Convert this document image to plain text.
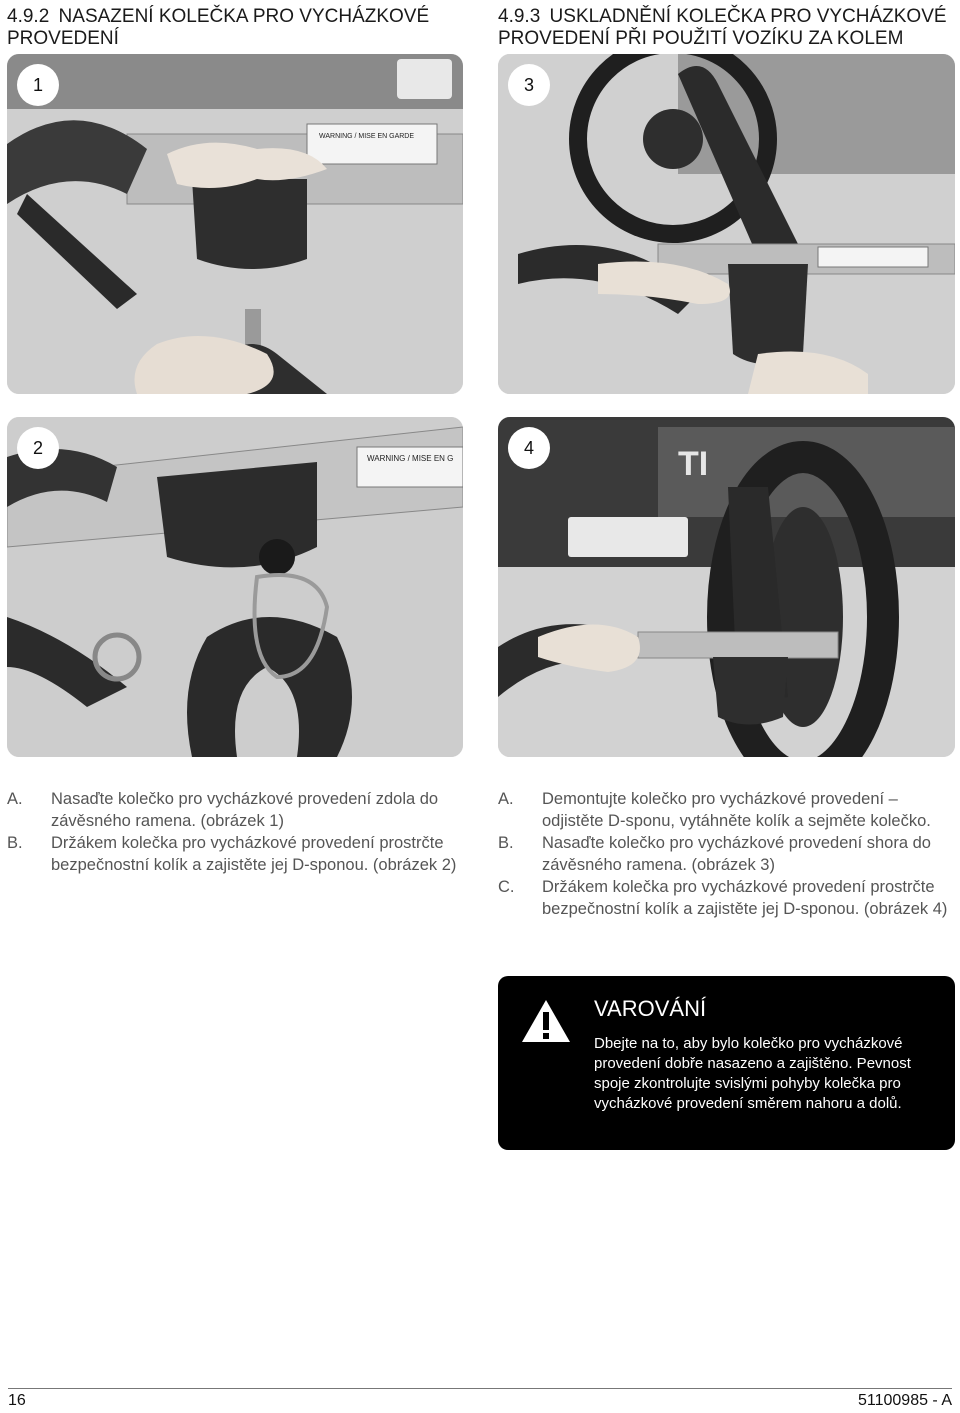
4.9.2 NASAZENÍ KOLEČKA PRO VYCHÁZKOVÉ PROVEDENÍ
4.9.3 USKLADNĚNÍ KOLEČKA PRO VYCHÁZKOVÉ PROVEDENÍ PŘI POUŽITÍ VOZÍKU ZA KOLEM
WARNING / MISE EN GARDE
1	3
WARNING / MISE EN G
2	TI
4
A.	Nasaďte kolečko pro vycházkové provedení zdola do závěsného ramena. (obrázek 1)
B.	Držákem kolečka pro vycházkové provedení prostrčte bezpečnostní kolík a zajistěte jej D-sponou. (obrázek 2)
A.	Demontujte kolečko pro vycházkové provedení – odjistěte D-sponu, vytáhněte kolík a sejměte kolečko.
B.	Nasaďte kolečko pro vycházkové provedení shora do závěsného ramena. (obrázek 3)
C.	Držákem kolečka pro vycházkové provedení prostrčte bezpečnostní kolík a zajistěte jej D-sponou. (obrázek 4)
VAROVÁNÍ
Dbejte na to, aby bylo kolečko pro vycházkové provedení dobře nasazeno a zajištěno. Pevnost spoje zkontrolujte svislými pohyby kolečka pro vycházkové provedení směrem nahoru a dolů.
16	51100985 - A
